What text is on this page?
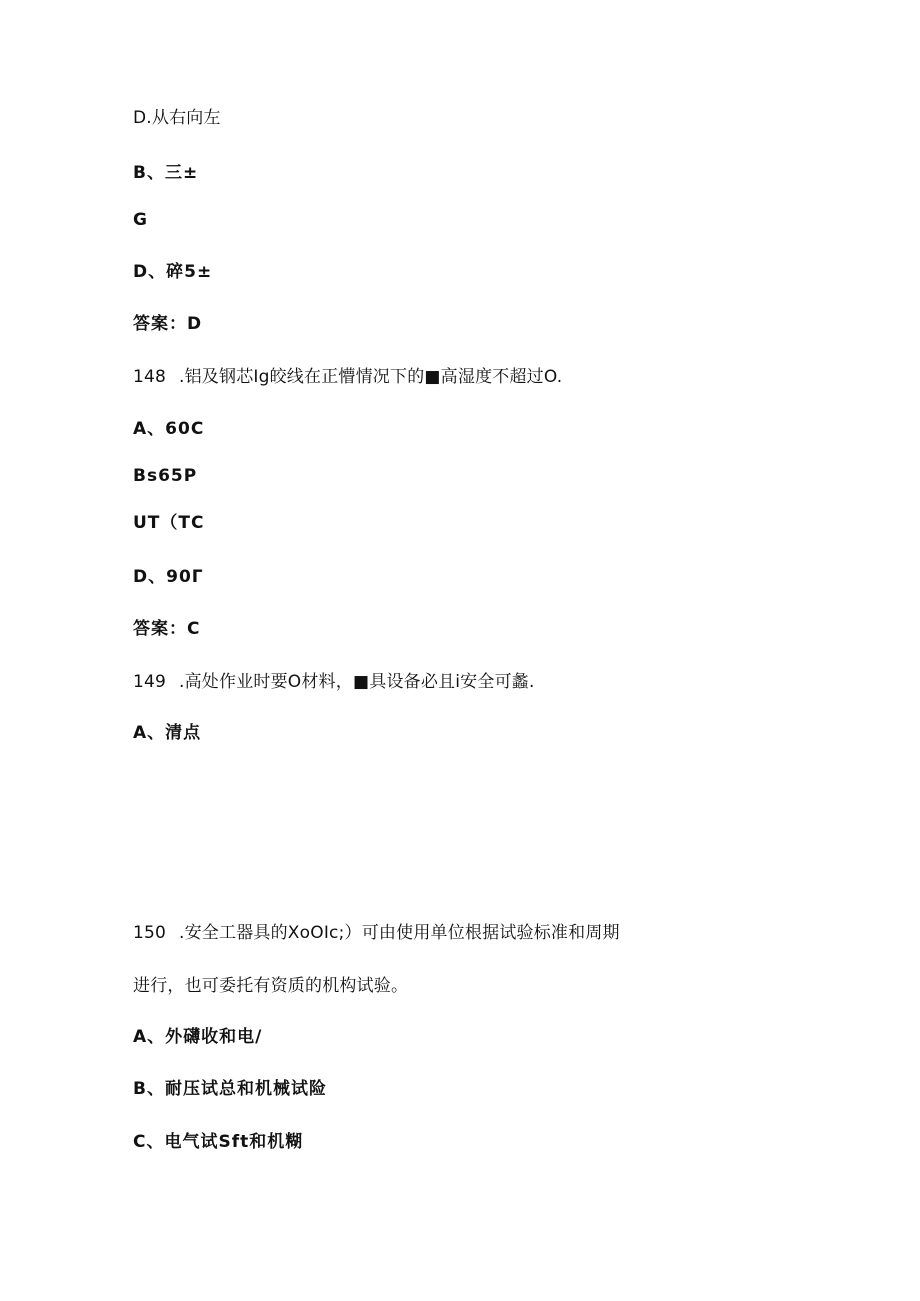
D.从右向左
B、三±
G
D、碎5±
答案：D
148 .铝及钢芯Ig皎线在正懵情况下的■高湿度不超过O.
A、60C
Bs65P
UT（TC
D、90Γ
答案：C
149 .高处作业时要O材料，■具设备必且i安全可蠡.
A、清点
150 .安全工器具的XoOIc;）可由使用单位根据试验标准和周期
进行，也可委托有资质的机构试验。
A、外礴收和电/
B、耐压试总和机械试险
C、电气试Sft和机糊
